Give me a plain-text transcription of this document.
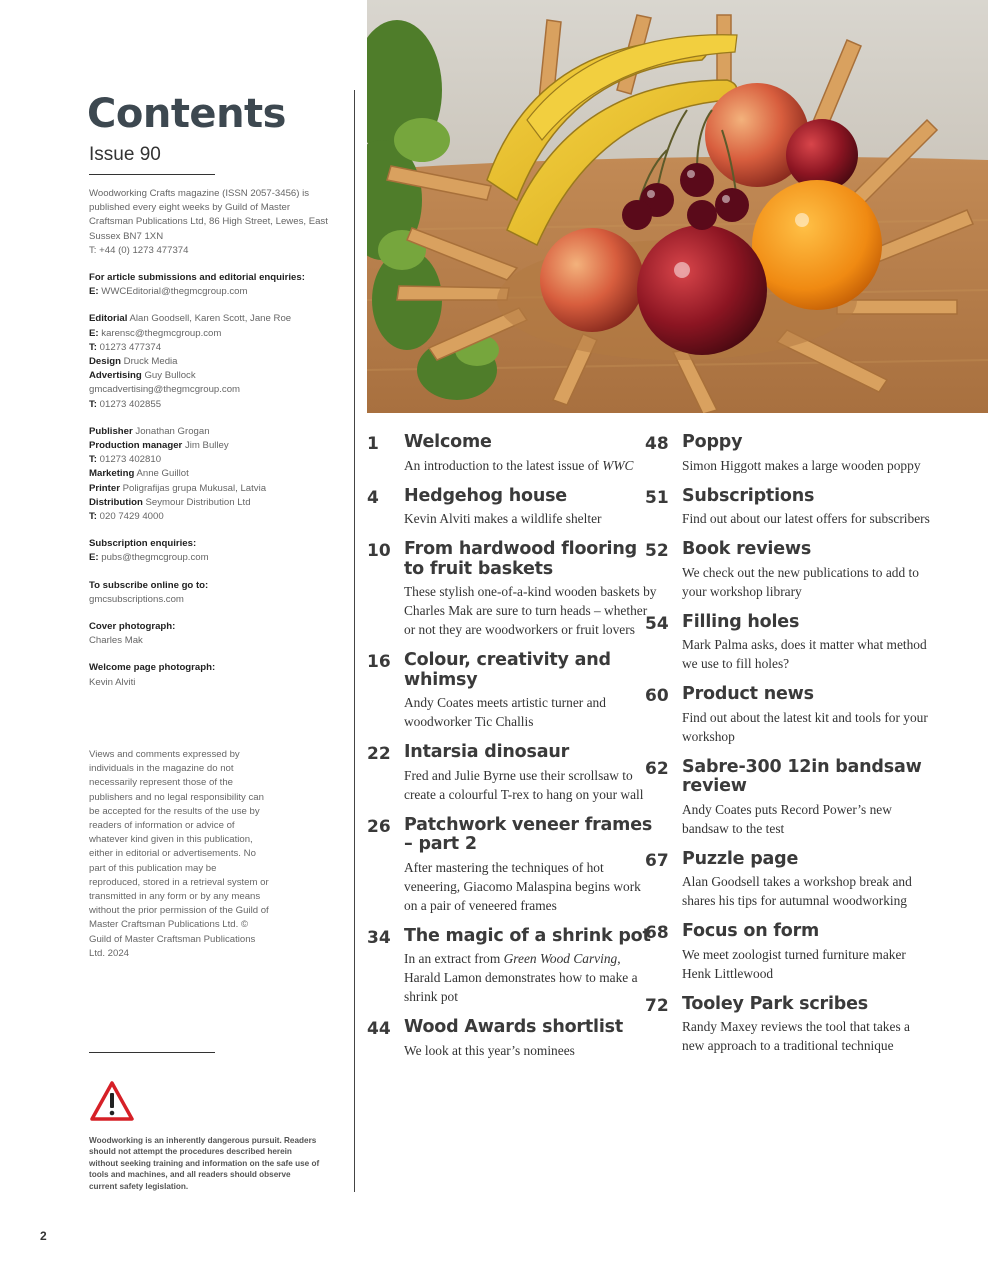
Contents
Issue 90
Woodworking Crafts magazine (ISSN 2057-3456) is published every eight weeks by Guild of Master Craftsman Publications Ltd, 86 High Street, Lewes, East Sussex BN7 1XN
T: +44 (0) 1273 477374
For article submissions and editorial enquiries:
E: WWCEditorial@thegmcgroup.com
Editorial Alan Goodsell, Karen Scott, Jane Roe
E: karensc@thegmcgroup.com
T: 01273 477374
Design Druck Media
Advertising Guy Bullock
gmcadvertising@thegmcgroup.com
T: 01273 402855
Publisher Jonathan Grogan
Production manager Jim Bulley
T: 01273 402810
Marketing Anne Guillot
Printer Poligrafijas grupa Mukusal, Latvia
Distribution Seymour Distribution Ltd
T: 020 7429 4000
Subscription enquiries:
E: pubs@thegmcgroup.com
To subscribe online go to:
gmcsubscriptions.com
Cover photograph:
Charles Mak
Welcome page photograph:
Kevin Alviti
Views and comments expressed by individuals in the magazine do not necessarily represent those of the publishers and no legal responsibility can be accepted for the results of the use by readers of information or advice of whatever kind given in this publication, either in editorial or advertisements. No part of this publication may be reproduced, stored in a retrieval system or transmitted in any form or by any means without the prior permission of the Guild of Master Craftsman Publications Ltd. © Guild of Master Craftsman Publications Ltd. 2024
Woodworking is an inherently dangerous pursuit. Readers should not attempt the procedures described herein without seeking training and information on the safe use of tools and machines, and all readers should observe current safety legislation.
2
1	Welcome
An introduction to the latest issue of WWC
4	Hedgehog house
Kevin Alviti makes a wildlife shelter
10 From hardwood flooring to fruit baskets
These stylish one-of-a-kind wooden baskets by Charles Mak are sure to turn heads – whether or not they are woodworkers or fruit lovers
16 Colour, creativity and whimsy
Andy Coates meets artistic turner and woodworker Tic Challis
22 Intarsia dinosaur
Fred and Julie Byrne use their scrollsaw to create a colourful T-rex to hang on your wall
26 Patchwork veneer frames – part 2
After mastering the techniques of hot veneering, Giacomo Malaspina begins work on a pair of veneered frames
34 The magic of a shrink pot
In an extract from Green Wood Carving, Harald Lamon demonstrates how to make a shrink pot
44 Wood Awards shortlist
We look at this year’s nominees
48 Poppy
Simon Higgott makes a large wooden poppy
51 Subscriptions
Find out about our latest offers for subscribers
52 Book reviews
We check out the new publications to add to your workshop library
54 Filling holes
Mark Palma asks, does it matter what method we use to fill holes?
60 Product news
Find out about the latest kit and tools for your workshop
62 Sabre-300 12in bandsaw review
Andy Coates puts Record Power’s new bandsaw to the test
67 Puzzle page
Alan Goodsell takes a workshop break and shares his tips for autumnal woodworking
68 Focus on form
We meet zoologist turned furniture maker Henk Littlewood
72 Tooley Park scribes
Randy Maxey reviews the tool that takes a new approach to a traditional technique
